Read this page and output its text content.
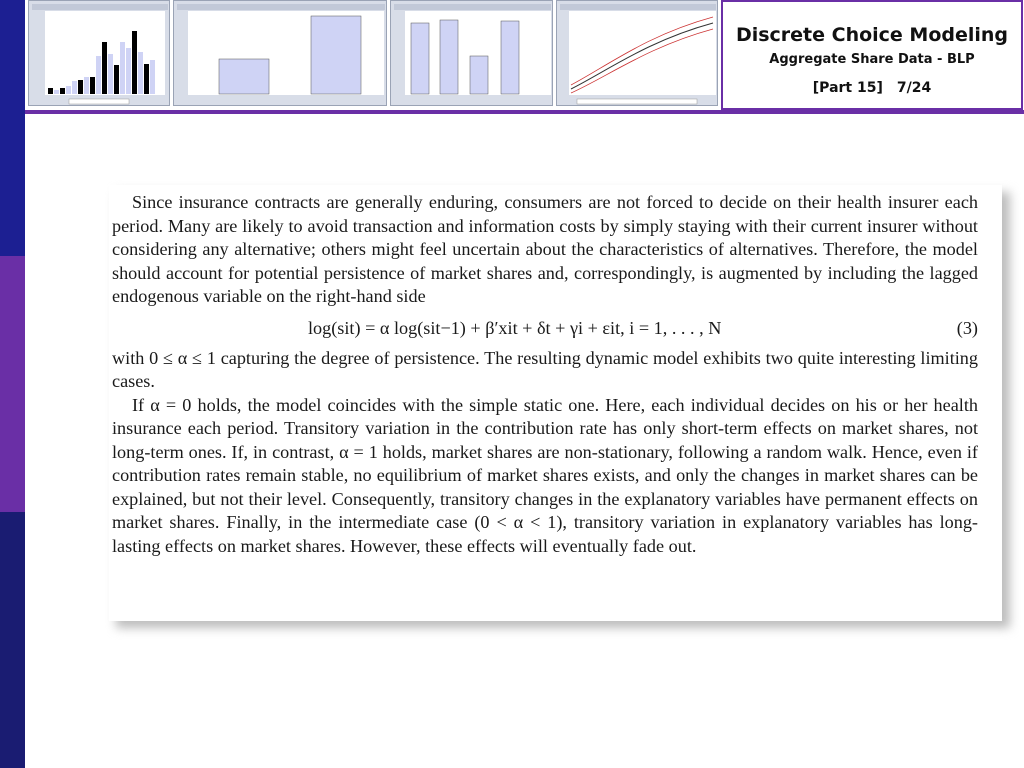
Discrete Choice Modeling
Aggregate Share Data - BLP
[Part 15] 7/24

Since insurance contracts are generally enduring, consumers are not forced to decide on their health insurer each period. Many are likely to avoid transaction and information costs by simply staying with their current insurer without considering any alternative; others might feel uncertain about the characteristics of alternatives. Therefore, the model should account for potential persistence of market shares and, correspondingly, is augmented by including the lagged endogenous variable on the right-hand side

log(sit) = α log(sit−1) + β′xit + δt + γi + εit, i = 1, . . . , N	(3)

with 0 ≤ α ≤ 1 capturing the degree of persistence. The resulting dynamic model exhibits two quite interesting limiting cases.

If α = 0 holds, the model coincides with the simple static one. Here, each individual decides on his or her health insurance each period. Transitory variation in the contribution rate has only short-term effects on market shares, not long-term ones. If, in contrast, α = 1 holds, market shares are non-stationary, following a random walk. Hence, even if contribution rates remain stable, no equilibrium of market shares exists, and only the changes in market shares can be explained, but not their level. Consequently, transitory changes in the explanatory variables have permanent effects on market shares. Finally, in the intermediate case (0 < α < 1), transitory variation in explanatory variables has long-lasting effects on market shares. However, these effects will eventually fade out.
